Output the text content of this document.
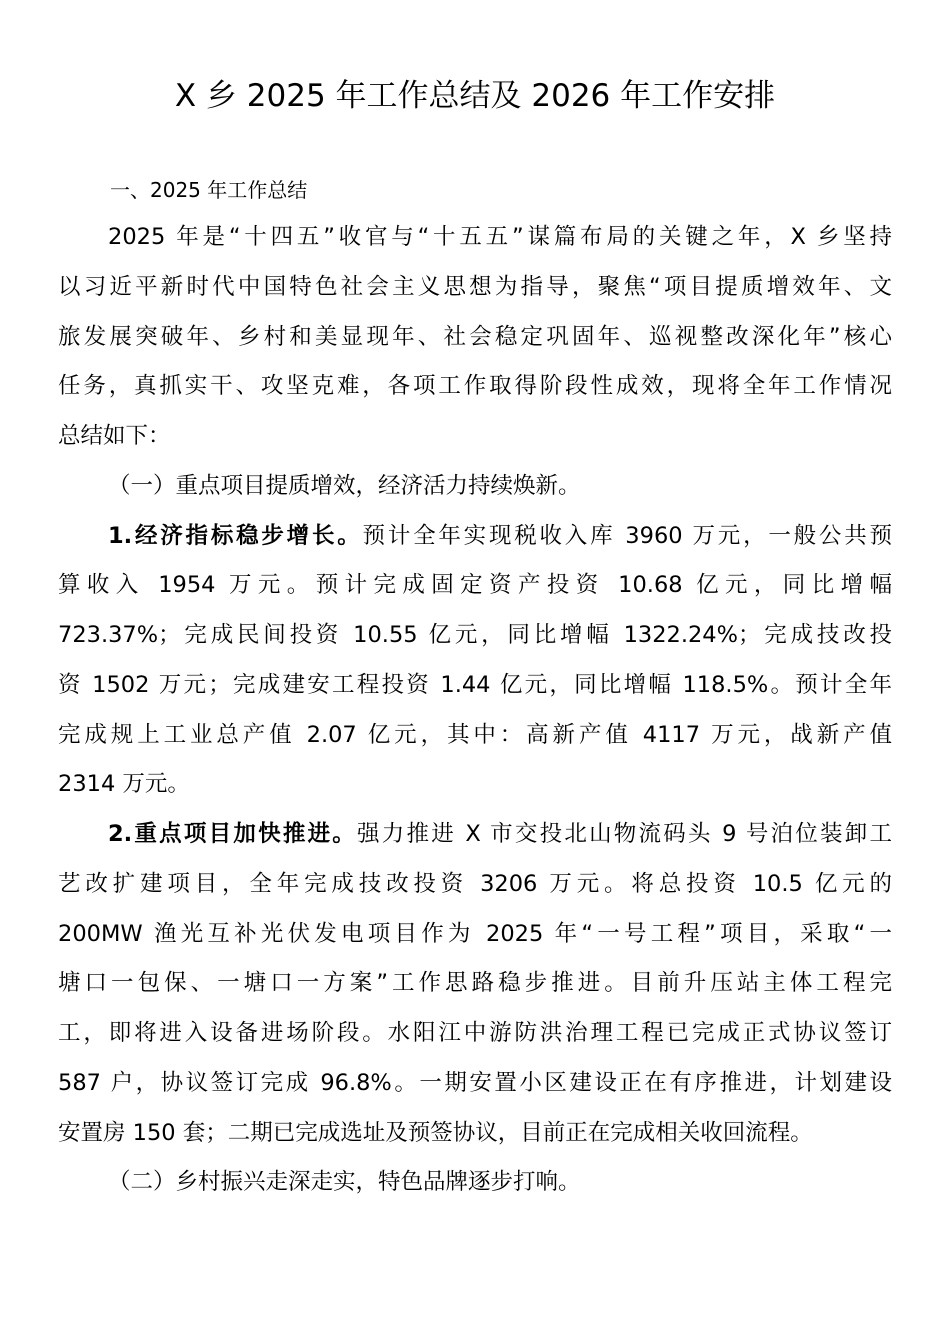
X 乡 2025 年工作总结及 2026 年工作安排
一、2025 年工作总结
2025 年是“十四五”收官与“十五五”谋篇布局的关键之年，X 乡坚持
以习近平新时代中国特色社会主义思想为指导，聚焦“项目提质增效年、文
旅发展突破年、乡村和美显现年、社会稳定巩固年、巡视整改深化年”核心
任务，真抓实干、攻坚克难，各项工作取得阶段性成效，现将全年工作情况
总结如下：
（一）重点项目提质增效，经济活力持续焕新。
1.经济指标稳步增长。预计全年实现税收入库 3960 万元，一般公共预
算收入 1954 万元。预计完成固定资产投资 10.68 亿元，同比增幅
723.37%；完成民间投资 10.55 亿元，同比增幅 1322.24%；完成技改投
资 1502 万元；完成建安工程投资 1.44 亿元，同比增幅 118.5%。预计全年
完成规上工业总产值 2.07 亿元，其中：高新产值 4117 万元，战新产值
2314 万元。
2.重点项目加快推进。强力推进 X 市交投北山物流码头 9 号泊位装卸工
艺改扩建项目，全年完成技改投资 3206 万元。将总投资 10.5 亿元的
200MW 渔光互补光伏发电项目作为 2025 年“一号工程”项目，采取“一
塘口一包保、一塘口一方案”工作思路稳步推进。目前升压站主体工程完
工，即将进入设备进场阶段。水阳江中游防洪治理工程已完成正式协议签订
587 户，协议签订完成 96.8%。一期安置小区建设正在有序推进，计划建设
安置房 150 套；二期已完成选址及预签协议，目前正在完成相关收回流程。
（二）乡村振兴走深走实，特色品牌逐步打响。
